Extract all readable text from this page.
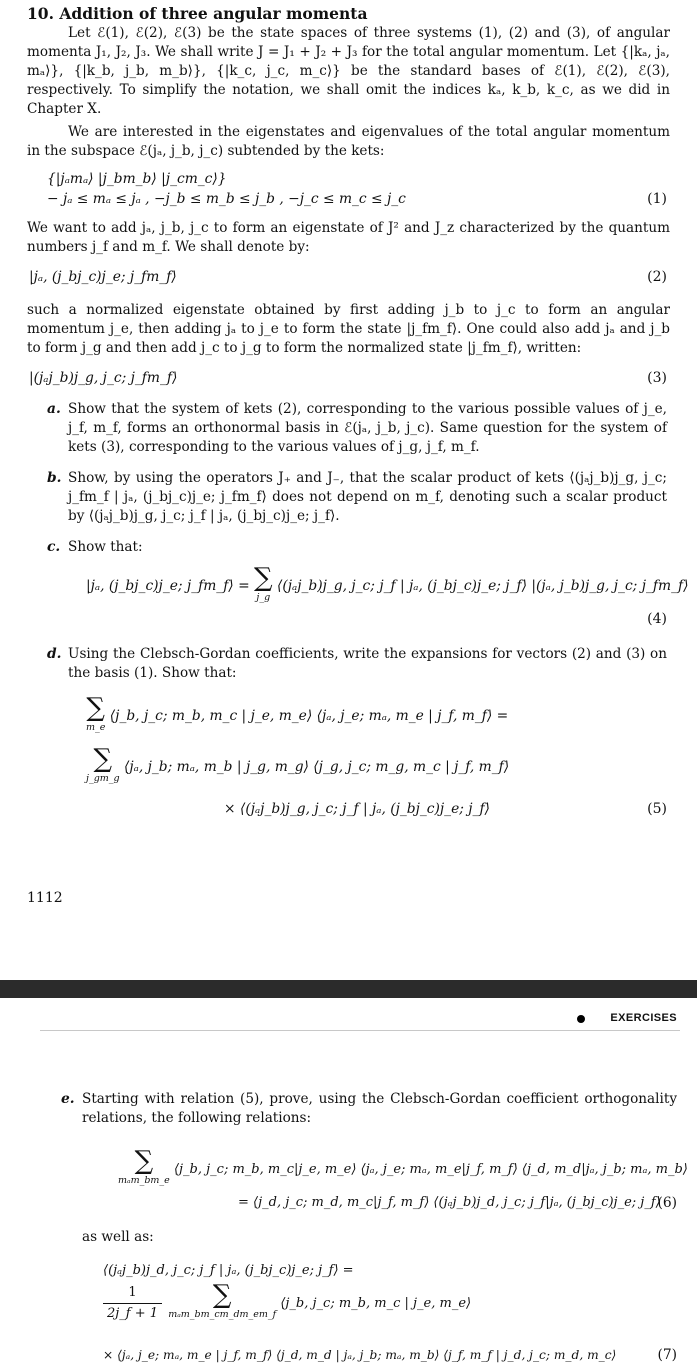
10. Addition of three angular momenta

Let ℰ(1), ℰ(2), ℰ(3) be the state spaces of three systems (1), (2) and (3), of angular momenta J₁, J₂, J₃. We shall write J = J₁ + J₂ + J₃ for the total angular momentum. Let {|kₐ, jₐ, mₐ⟩}, {|k_b, j_b, m_b⟩}, {|k_c, j_c, m_c⟩} be the standard bases of ℰ(1), ℰ(2), ℰ(3), respectively. To simplify the notation, we shall omit the indices kₐ, k_b, k_c, as we did in Chapter X.

We are interested in the eigenstates and eigenvalues of the total angular momentum in the subspace ℰ(jₐ, j_b, j_c) subtended by the kets:

{|jₐmₐ⟩ |j_bm_b⟩ |j_cm_c⟩}
− jₐ ≤ mₐ ≤ jₐ , −j_b ≤ m_b ≤ j_b , −j_c ≤ m_c ≤ j_c	(1)

We want to add jₐ, j_b, j_c to form an eigenstate of J² and J_z characterized by the quantum numbers j_f and m_f. We shall denote by:

|jₐ, (j_bj_c)j_e; j_fm_f⟩	(2)

such a normalized eigenstate obtained by first adding j_b to j_c to form an angular momentum j_e, then adding jₐ to j_e to form the state |j_fm_f⟩. One could also add jₐ and j_b to form j_g and then add j_c to j_g to form the normalized state |j_fm_f⟩, written:

|(jₐj_b)j_g, j_c; j_fm_f⟩	(3)
a. Show that the system of kets (2), corresponding to the various possible values of j_e, j_f, m_f, forms an orthonormal basis in ℰ(jₐ, j_b, j_c). Same question for the system of kets (3), corresponding to the various values of j_g, j_f, m_f.
b. Show, by using the operators J₊ and J₋, that the scalar product of kets ⟨(jₐj_b)j_g, j_c; j_fm_f | jₐ, (j_bj_c)j_e; j_fm_f⟩ does not depend on m_f, denoting such a scalar product by ⟨(jₐj_b)j_g, j_c; j_f | jₐ, (j_bj_c)j_e; j_f⟩.
c. Show that:
|jₐ, (j_bj_c)j_e; j_fm_f⟩ = ∑
j_g
⟨(jₐj_b)j_g, j_c; j_f | jₐ, (j_bj_c)j_e; j_f⟩ |(jₐ, j_b)j_g, j_c; j_fm_f⟩
(4)
d. Using the Clebsch-Gordan coefficients, write the expansions for vectors (2) and (3) on the basis (1). Show that:
∑
m_e
⟨j_b, j_c; m_b, m_c | j_e, m_e⟩ ⟨jₐ, j_e; mₐ, m_e | j_f, m_f⟩ =
∑
j_gm_g
⟨jₐ, j_b; mₐ, m_b | j_g, m_g⟩ ⟨j_g, j_c; m_g, m_c | j_f, m_f⟩
× ⟨(jₐj_b)j_g, j_c; j_f | jₐ, (j_bj_c)j_e; j_f⟩	(5)
1112
EXERCISES
e. Starting with relation (5), prove, using the Clebsch-Gordan coefficient orthogonality relations, the following relations:
∑
mₐm_bm_e
⟨j_b, j_c; m_b, m_c|j_e, m_e⟩ ⟨jₐ, j_e; mₐ, m_e|j_f, m_f⟩ ⟨j_d, m_d|jₐ, j_b; mₐ, m_b⟩
= ⟨j_d, j_c; m_d, m_c|j_f, m_f⟩ ⟨(jₐj_b)j_d, j_c; j_f|jₐ, (j_bj_c)j_e; j_f⟩
(6)
as well as:
⟨(jₐj_b)j_d, j_c; j_f | jₐ, (j_bj_c)j_e; j_f⟩ =
$\frac{1}{2j\_f + 1}$ ∑
mₐm_bm_cm_dm_em_f
⟨j_b, j_c; m_b, m_c | j_e, m_e⟩
× ⟨jₐ, j_e; mₐ, m_e | j_f, m_f⟩ ⟨j_d, m_d | jₐ, j_b; mₐ, m_b⟩ ⟨j_f, m_f | j_d, j_c; m_d, m_c⟩	(7)
